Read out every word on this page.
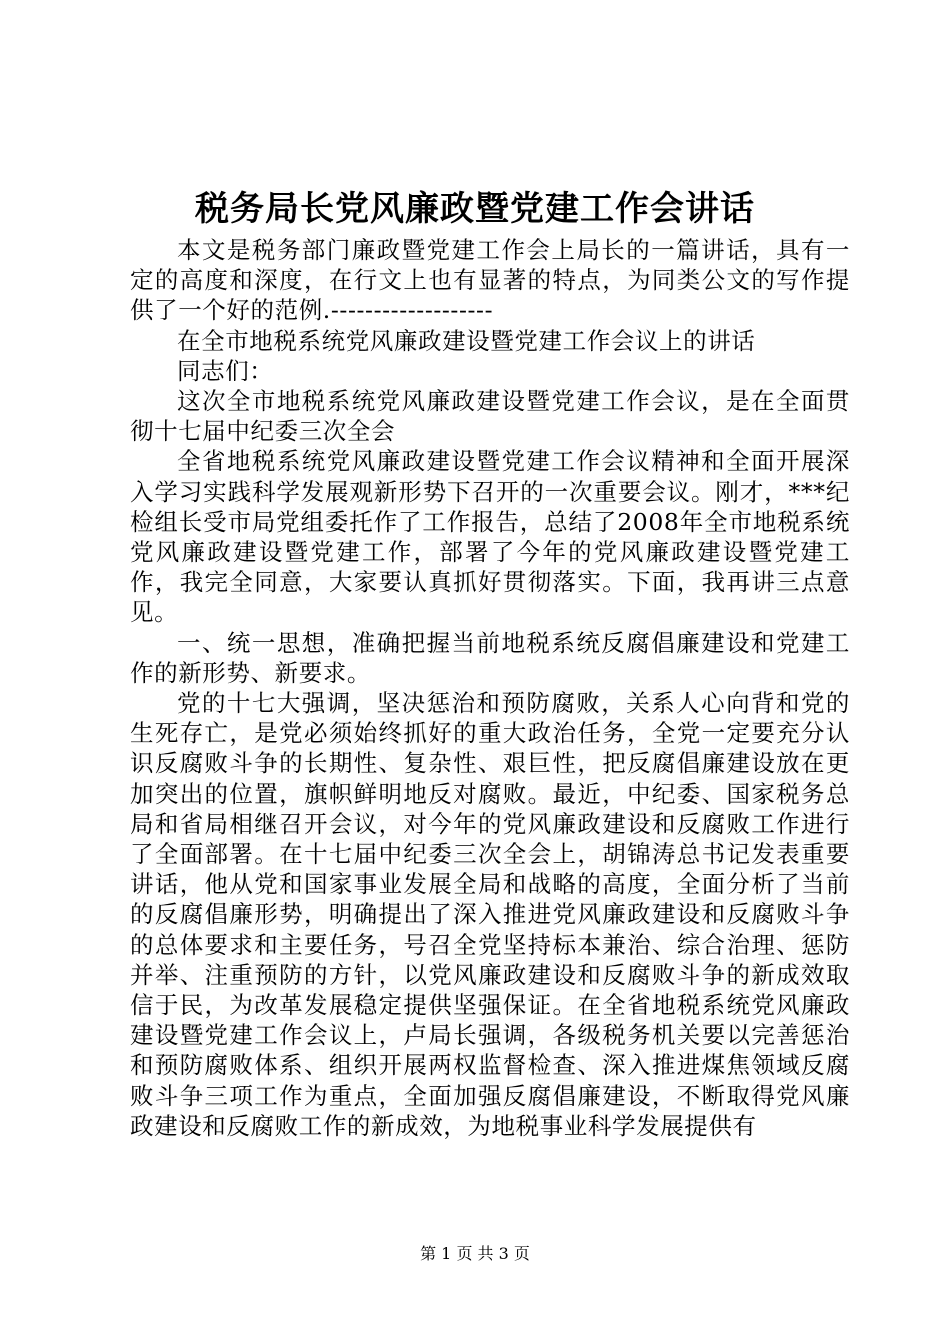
税务局长党风廉政暨党建工作会讲话

本文是税务部门廉政暨党建工作会上局长的一篇讲话，具有一定的高度和深度，在行文上也有显著的特点，为同类公文的写作提供了一个好的范例.-------------------

在全市地税系统党风廉政建设暨党建工作会议上的讲话

同志们：

这次全市地税系统党风廉政建设暨党建工作会议，是在全面贯彻十七届中纪委三次全会

全省地税系统党风廉政建设暨党建工作会议精神和全面开展深入学习实践科学发展观新形势下召开的一次重要会议。刚才，***纪检组长受市局党组委托作了工作报告，总结了2008年全市地税系统党风廉政建设暨党建工作，部署了今年的党风廉政建设暨党建工作，我完全同意，大家要认真抓好贯彻落实。下面，我再讲三点意见。

一、统一思想，准确把握当前地税系统反腐倡廉建设和党建工作的新形势、新要求。

党的十七大强调，坚决惩治和预防腐败，关系人心向背和党的生死存亡，是党必须始终抓好的重大政治任务，全党一定要充分认识反腐败斗争的长期性、复杂性、艰巨性，把反腐倡廉建设放在更加突出的位置，旗帜鲜明地反对腐败。最近，中纪委、国家税务总局和省局相继召开会议，对今年的党风廉政建设和反腐败工作进行了全面部署。在十七届中纪委三次全会上，胡锦涛总书记发表重要讲话，他从党和国家事业发展全局和战略的高度，全面分析了当前的反腐倡廉形势，明确提出了深入推进党风廉政建设和反腐败斗争的总体要求和主要任务，号召全党坚持标本兼治、综合治理、惩防并举、注重预防的方针，以党风廉政建设和反腐败斗争的新成效取信于民，为改革发展稳定提供坚强保证。在全省地税系统党风廉政建设暨党建工作会议上，卢局长强调，各级税务机关要以完善惩治和预防腐败体系、组织开展两权监督检查、深入推进煤焦领域反腐败斗争三项工作为重点，全面加强反腐倡廉建设，不断取得党风廉政建设和反腐败工作的新成效，为地税事业科学发展提供有

第 1 页 共 3 页
